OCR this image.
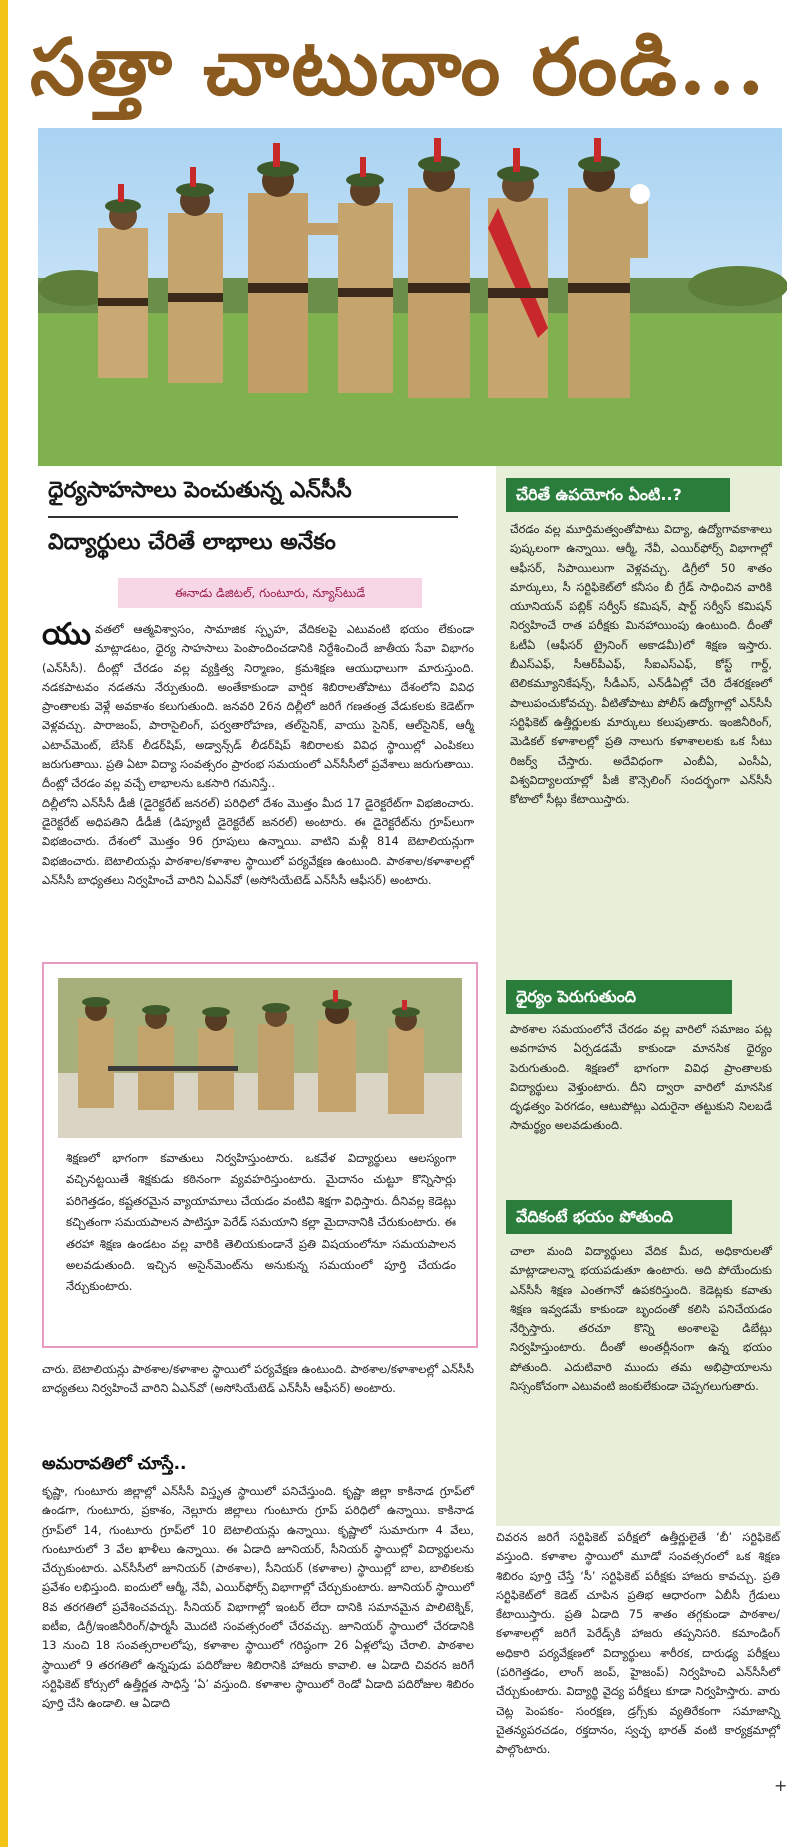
సత్తా చాటుదాం రండి...
ధైర్యసాహసాలు పెంచుతున్న ఎన్‌సీసీ
విద్యార్థులు చేరితే లాభాలు అనేకం
ఈనాడు డిజిటల్, గుంటూరు, న్యూస్‌టుడే
యు వతలో ఆత్మవిశ్వాసం, సామాజిక స్పృహ, వేదికలపై ఎటువంటి భయం లేకుండా మాట్లాడటం, ధైర్య సాహసాలు పెంపొందించడానికి నిర్దేశించిందే జాతీయ సేవా విభాగం (ఎన్‌సీసీ). దీంట్లో చేరడం వల్ల వ్యక్తిత్వ నిర్మాణం, క్రమశిక్షణ ఆయుధాలుగా మారుస్తుంది. నడకపాటవం నడతను నేర్పుతుంది. అంతేకాకుండా వార్షిక శిబిరాలతోపాటు దేశంలోని వివిధ ప్రాంతాలకు వెళ్లే అవకాశం కలుగుతుంది. జనవరి 26న దిల్లీలో జరిగే గణతంత్ర వేడుకలకు కెడెట్‌గా వెళ్లవచ్చు. పారాజంప్, పారాసైలింగ్, పర్వతారోహణ, తల్‌సైనిక్, వాయు సైనిక్, ఆల్‌సైనిక్, ఆర్మీ ఎటాచ్‌మెంట్, బేసిక్ లీడర్‌షిప్, అడ్వాన్స్‌డ్ లీడర్‌షిప్ శిబిరాలకు వివిధ స్థాయిల్లో ఎంపికలు జరుగుతాయి. ప్రతి ఏటా విద్యా సంవత్సరం ప్రారంభ సమయంలో ఎన్‌సీసీలో ప్రవేశాలు జరుగుతాయి. దీంట్లో చేరడం వల్ల వచ్చే లాభాలను ఒకసారి గమనిస్తే..
దిల్లీలోని ఎన్‌సీసీ డీజీ (డైరెక్టరేట్ జనరల్) పరిధిలో దేశం మొత్తం మీద 17 డైరెక్టరేట్‌గా విభజించారు. డైరెక్టరేట్ అధిపతిని డీడీజీ (డిప్యూటీ డైరెక్టరేట్ జనరల్) అంటారు. ఈ డైరెక్టరేట్‌ను గ్రూప్‌లుగా విభజించారు. దేశంలో మొత్తం 96 గ్రూపులు ఉన్నాయి. వాటిని మళ్లీ 814 బెటాలియన్లుగా విభజించారు. బెటాలియన్లు పాఠశాల/కళాశాల స్థాయిలో పర్యవేక్షణ ఉంటుంది. పాఠశాల/కళాశాలల్లో ఎన్‌సీసీ బాధ్యతలు నిర్వహించే వారిని ఏఎన్‌వో (అసోసియేటెడ్ ఎన్‌సీసీ ఆఫీసర్) అంటారు.
శిక్షణలో భాగంగా కవాతులు నిర్వహిస్తుంటారు. ఒకవేళ విద్యార్థులు ఆలస్యంగా వచ్చినట్టయితే శిక్షకుడు కఠినంగా వ్యవహరిస్తుంటారు. మైదానం చుట్టూ కొన్నిసార్లు పరిగెత్తడం, కష్టతరమైన వ్యాయామాలు చేయడం వంటివి శిక్షగా విధిస్తారు. దీనివల్ల కెడెట్లు కచ్చితంగా సమయపాలన పాటిస్తూ పెరేడ్ సమయాని కల్లా మైదానానికి చేరుకుంటారు. ఈ తరహా శిక్షణ ఉండటం వల్ల వారికి తెలియకుండానే ప్రతి విషయంలోనూ సమయపాలన అలవడుతుంది. ఇచ్చిన అసైన్‌మెంట్‌ను అనుకున్న సమయంలో పూర్తి చేయడం నేర్చుకుంటారు.
చారు. బెటాలియన్లు పాఠశాల/కళాశాల స్థాయిలో పర్యవేక్షణ ఉంటుంది. పాఠశాల/కళాశాలల్లో ఎన్‌సీసీ బాధ్యతలు నిర్వహించే వారిని ఏఎన్‌వో (అసోసియేటెడ్ ఎన్‌సీసీ ఆఫీసర్) అంటారు.
అమరావతిలో చూస్తే..
కృష్ణా, గుంటూరు జిల్లాల్లో ఎన్‌సీసీ విస్తృత స్థాయిలో పనిచేస్తుంది. కృష్ణా జిల్లా కాకినాడ గ్రూప్‌లో ఉండగా, గుంటూరు, ప్రకాశం, నెల్లూరు జిల్లాలు గుంటూరు గ్రూప్ పరిధిలో ఉన్నాయి. కాకినాడ గ్రూప్‌లో 14, గుంటూరు గ్రూప్‌లో 10 బెటాలియన్లు ఉన్నాయి. కృష్ణాలో సుమారుగా 4 వేలు, గుంటూరులో 3 వేల ఖాళీలు ఉన్నాయి. ఈ ఏడాది జూనియర్, సీనియర్ స్థాయిల్లో విద్యార్థులను చేర్చుకుంటారు. ఎన్‌సీసీలో జూనియర్ (పాఠశాల), సీనియర్ (కళాశాల) స్థాయిల్లో బాల, బాలికలకు ప్రవేశం లభిస్తుంది. ఐందులో ఆర్మీ, నేవీ, ఎయిర్‌ఫోర్స్ విభాగాల్లో చేర్చుకుంటారు. జూనియర్ స్థాయిలో 8వ తరగతిలో ప్రవేశించవచ్చు. సీనియర్ విభాగాల్లో ఇంటర్ లేదా దానికి సమానమైన పాలిటెక్నిక్, ఐటీఐ, డిగ్రీ/ఇంజినీరింగ్/ఫార్మసీ మొదటి సంవత్సరంలో చేరవచ్చు. జూనియర్ స్థాయిలో చేరడానికి 13 నుంచి 18 సంవత్సరాలలోపు, కళాశాల స్థాయిలో గరిష్ఠంగా 26 ఏళ్లలోపు చేరాలి. పాఠశాల స్థాయిలో 9 తరగతిలో ఉన్నపుడు పదిరోజుల శిబిరానికి హాజరు కావాలి. ఆ ఏడాది చివరన జరిగే సర్టిఫికెట్ కోర్సులో ఉత్తీర్ణత సాధిస్తే ‘ఏ’ వస్తుంది. కళాశాల స్థాయిలో రెండో ఏడాది పదిరోజుల శిబిరం పూర్తి చేసి ఉండాలి. ఆ ఏడాది
చేరితే ఉపయోగం ఏంటి..?
చేరడం వల్ల మూర్తిమత్వంతోపాటు విద్యా, ఉద్యోగావకాశాలు పుష్కలంగా ఉన్నాయి. ఆర్మీ, నేవీ, ఎయిర్‌ఫోర్స్ విభాగాల్లో ఆఫీసర్, సిపాయిలుగా వెళ్లవచ్చు. డిగ్రీలో 50 శాతం మార్కులు, సీ సర్టిఫికెట్‌లో కనీసం బీ గ్రేడ్ సాధించిన వారికి యూనియన్ పబ్లిక్ సర్వీస్ కమిషన్, షార్ట్ సర్వీస్ కమిషన్ నిర్వహించే రాత పరీక్షకు మినహాయింపు ఉంటుంది. దీంతో ఓటీఏ (ఆఫీసర్ ట్రైనింగ్ అకాడమీ)లో శిక్షణ ఇస్తారు. బీఎస్ఎఫ్, సీఆర్‌పీఎఫ్, సీఐఎస్ఎఫ్, కోస్ట్ గార్డ్, టెలికమ్యూనికేషన్స్, సీడీఎస్, ఎన్‌డీఏల్లో చేరి దేశరక్షణలో పాలుపంచుకోవచ్చు. వీటితోపాటు పోలీస్ ఉద్యోగాల్లో ఎన్‌సీసీ సర్టిఫికెట్ ఉత్తీర్ణులకు మార్కులు కలుపుతారు. ఇంజినీరింగ్, మెడికల్ కళాశాలల్లో ప్రతి నాలుగు కళాశాలలకు ఒక సీటు రిజర్వ్ చేస్తారు. అదేవిధంగా ఎంబీఏ, ఎంసీఏ, విశ్వవిద్యాలయాల్లో పీజీ కౌన్సెలింగ్ సందర్భంగా ఎన్‌సీసీ కోటాలో సీట్లు కేటాయిస్తారు.
ధైర్యం పెరుగుతుంది
పాఠశాల సమయంలోనే చేరడం వల్ల వారిలో సమాజం పట్ల అవగాహన ఏర్పడడమే కాకుండా మానసిక ధైర్యం పెరుగుతుంది. శిక్షణలో భాగంగా వివిధ ప్రాంతాలకు విద్యార్థులు వెళ్తుంటారు. దీని ద్వారా వారిలో మానసిక దృఢత్వం పెరగడం, ఆటుపోట్లు ఎదురైనా తట్టుకుని నిలబడే సామర్థ్యం అలవడుతుంది.
వేదికంటే భయం పోతుంది
చాలా మంది విద్యార్థులు వేదిక మీద, అధికారులతో మాట్లాడాలన్నా భయపడుతూ ఉంటారు. అది పోయేందుకు ఎన్‌సీసీ శిక్షణ ఎంతగానో ఉపకరిస్తుంది. కెడెట్లకు కవాతు శిక్షణ ఇవ్వడమే కాకుండా బృందంతో కలిసి పనిచేయడం నేర్పిస్తారు. తరచూ కొన్ని అంశాలపై డిబేట్లు నిర్వహిస్తుంటారు. దీంతో అంతర్లీనంగా ఉన్న భయం పోతుంది. ఎదుటివారి ముందు తమ అభిప్రాయాలను నిస్సంకోచంగా ఎటువంటి జంకులేకుండా చెప్పగలుగుతారు.
చివరన జరిగే సర్టిఫికెట్ పరీక్షలో ఉత్తీర్ణులైతే ‘బీ’ సర్టిఫికెట్ వస్తుంది. కళాశాల స్థాయిలో మూడో సంవత్సరంలో ఒక శిక్షణ శిబిరం పూర్తి చేస్తే ‘సీ’ సర్టిఫికెట్ పరీక్షకు హాజరు కావచ్చు. ప్రతి సర్టిఫికెట్‌లో కెడెట్ చూపిన ప్రతిభ ఆధారంగా ఏబీసీ గ్రేడులు కేటాయిస్తారు. ప్రతి ఏడాది 75 శాతం తగ్గకుండా పాఠశాల/కళాశాలల్లో జరిగే పెరేడ్స్‌కి హాజరు తప్పనిసరి. కమాండింగ్ అధికారి పర్యవేక్షణలో విద్యార్థులు శారీరక, దారుఢ్య పరీక్షలు (పరిగెత్తడం, లాంగ్ జంప్, హైజంప్) నిర్వహించి ఎన్‌సీసీలో చేర్చుకుంటారు. విద్యార్థి వైద్య పరీక్షలు కూడా నిర్వహిస్తారు. వారు చెట్ల పెంపకం- సంరక్షణ, డ్రగ్స్‌కు వ్యతిరేకంగా సమాజాన్ని చైతన్యపరచడం, రక్తదానం, స్వచ్ఛ భారత్ వంటి కార్యక్రమాల్లో పాల్గొంటారు.
+
